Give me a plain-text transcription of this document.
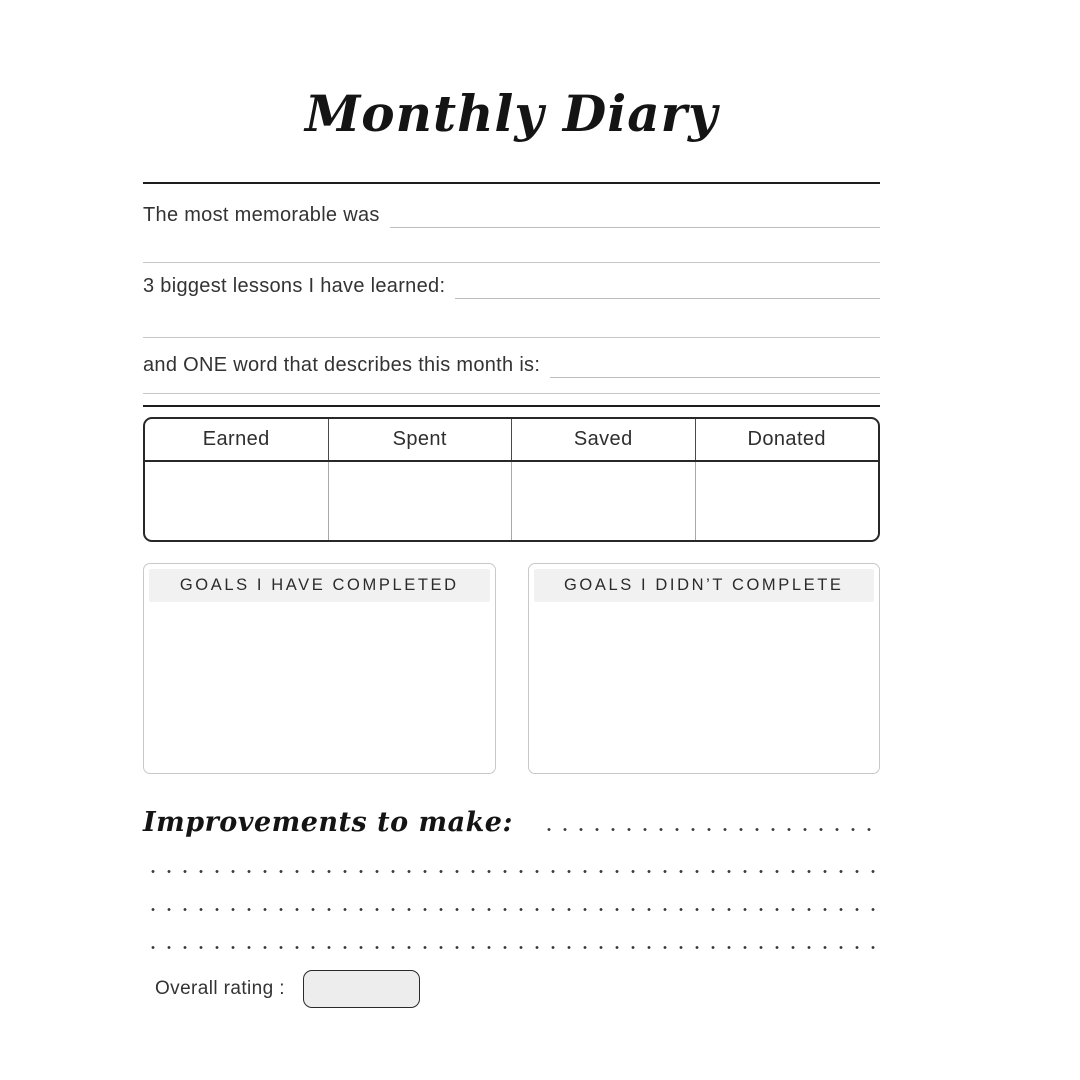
Monthly Diary
The most memorable was
3 biggest lessons I have learned:
and ONE word that describes this month is:
Earned	Spent	Saved	Donated
GOALS I HAVE COMPLETED	GOALS I DIDN’T COMPLETE
Improvements to make:
Overall rating :
